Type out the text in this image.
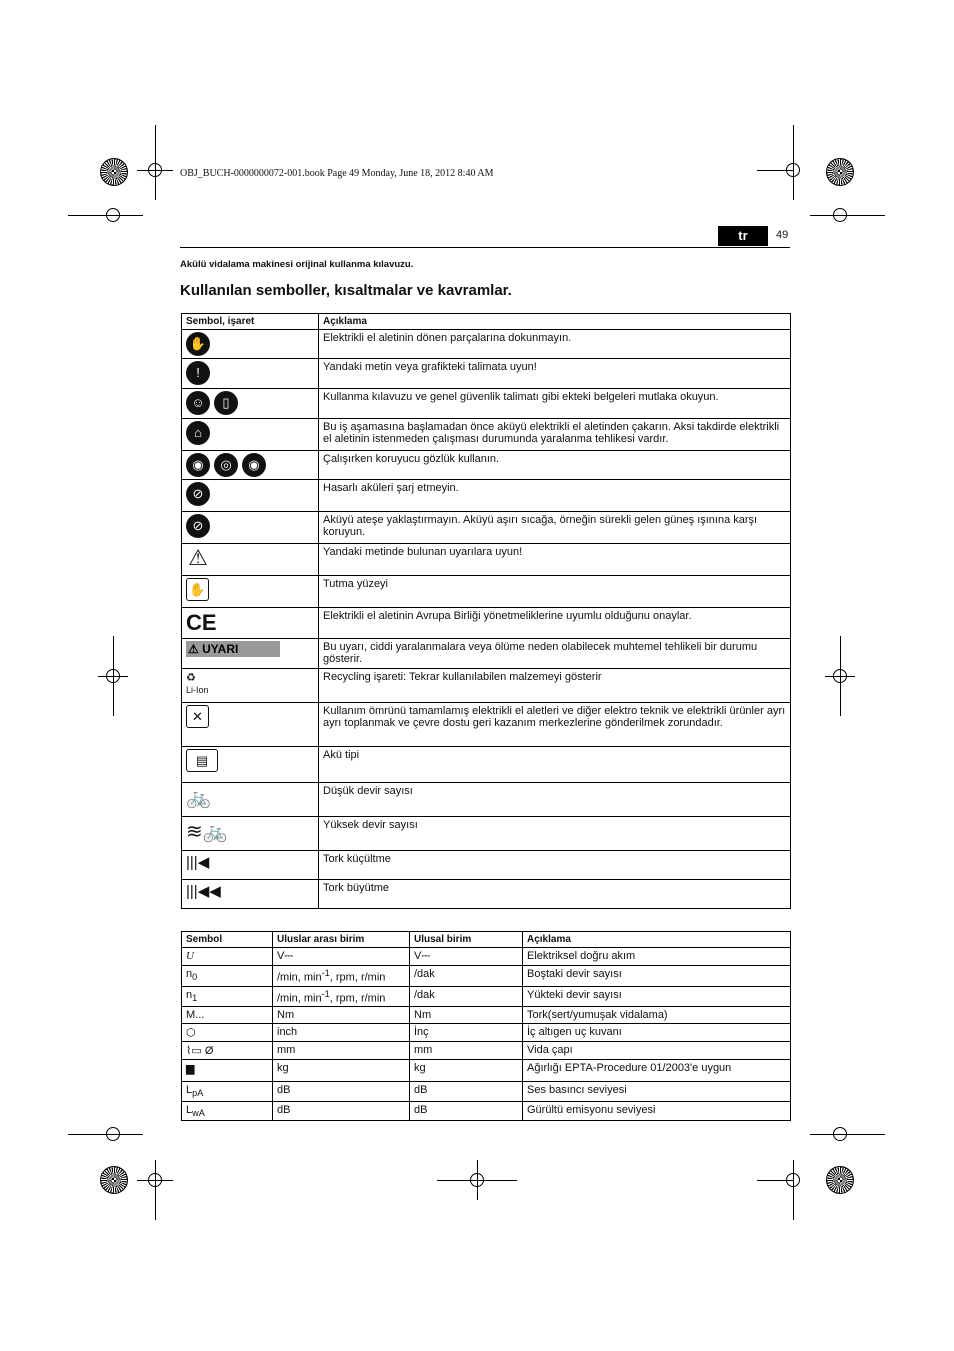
OBJ_BUCH-0000000072-001.book Page 49 Monday, June 18, 2012 8:40 AM
tr	49
Akülü vidalama makinesi orijinal kullanma kılavuzu.
Kullanılan semboller, kısaltmalar ve kavramlar.
Sembol, işaret	Açıklama
✋	Elektrikli el aletinin dönen parçalarına dokunmayın.
!	Yandaki metin veya grafikteki talimata uyun!

☺ ▯	Kullanma kılavuzu ve genel güvenlik talimatı gibi ekteki belgeleri mutlaka okuyun.
⌂	Bu iş aşamasına başlamadan önce aküyü elektrikli el aletinden çakarın. Aksi takdirde elektrikli el aletinin istenmeden çalışması durumunda yaralanma tehlikesi vardır.

◉ ◎ ◉	Çalışırken koruyucu gözlük kullanın.
⊘	Hasarlı aküleri şarj etmeyin.
⊘	Aküyü ateşe yaklaştırmayın. Aküyü aşırı sıcağa, örneğin sürekli gelen güneş ışınına karşı koruyun.
⚠	Yandaki metinde bulunan uyarılara uyun!
✋	Tutma yüzeyi
CE	Elektrikli el aletinin Avrupa Birliği yönetmeliklerine uyumlu olduğunu onaylar.
⚠ UYARI	Bu uyarı, ciddi yaralanmalara veya ölüme neden olabilecek muhtemel tehlikeli bir durumu gösterir.

♻
Li-Ion	Recycling işareti: Tekrar kullanılabilen malzemeyi gösterir
✕	Kullanım ömrünü tamamlamış elektrikli el aletleri ve diğer elektro teknik ve elektrikli ürünler ayrı ayrı toplanmak ve çevre dostu geri kazanım merkezlerine gönderilmek zorundadır.
▤	Akü tipi
🚲	Düşük devir sayısı
≋🚲	Yüksek devir sayısı
|||◀	Tork küçültme
|||◀◀	Tork büyütme
Sembol	Uluslar arası birim	Ulusal birim	Açıklama
U	V⎓	V⎓	Elektriksel doğru akım
$n_0$	/min, $\min^{-1}$, rpm, r/min	/dak	Boştaki devir sayısı
$n_1$	/min, $\min^{-1}$, rpm, r/min	/dak	Yükteki devir sayısı
M...	Nm	Nm	Tork(sert/yumuşak vidalama)
⬡	inch	İnç	İç altıgen uç kuvanı
⌇▭ Ø	mm	mm	Vida çapı
▆	kg	kg	Ağırlığı EPTA-Procedure 01/2003'e uygun
$L_{pA}$	dB	dB	Ses basıncı seviyesi
$L_{wA}$	dB	dB	Gürültü emisyonu seviyesi
